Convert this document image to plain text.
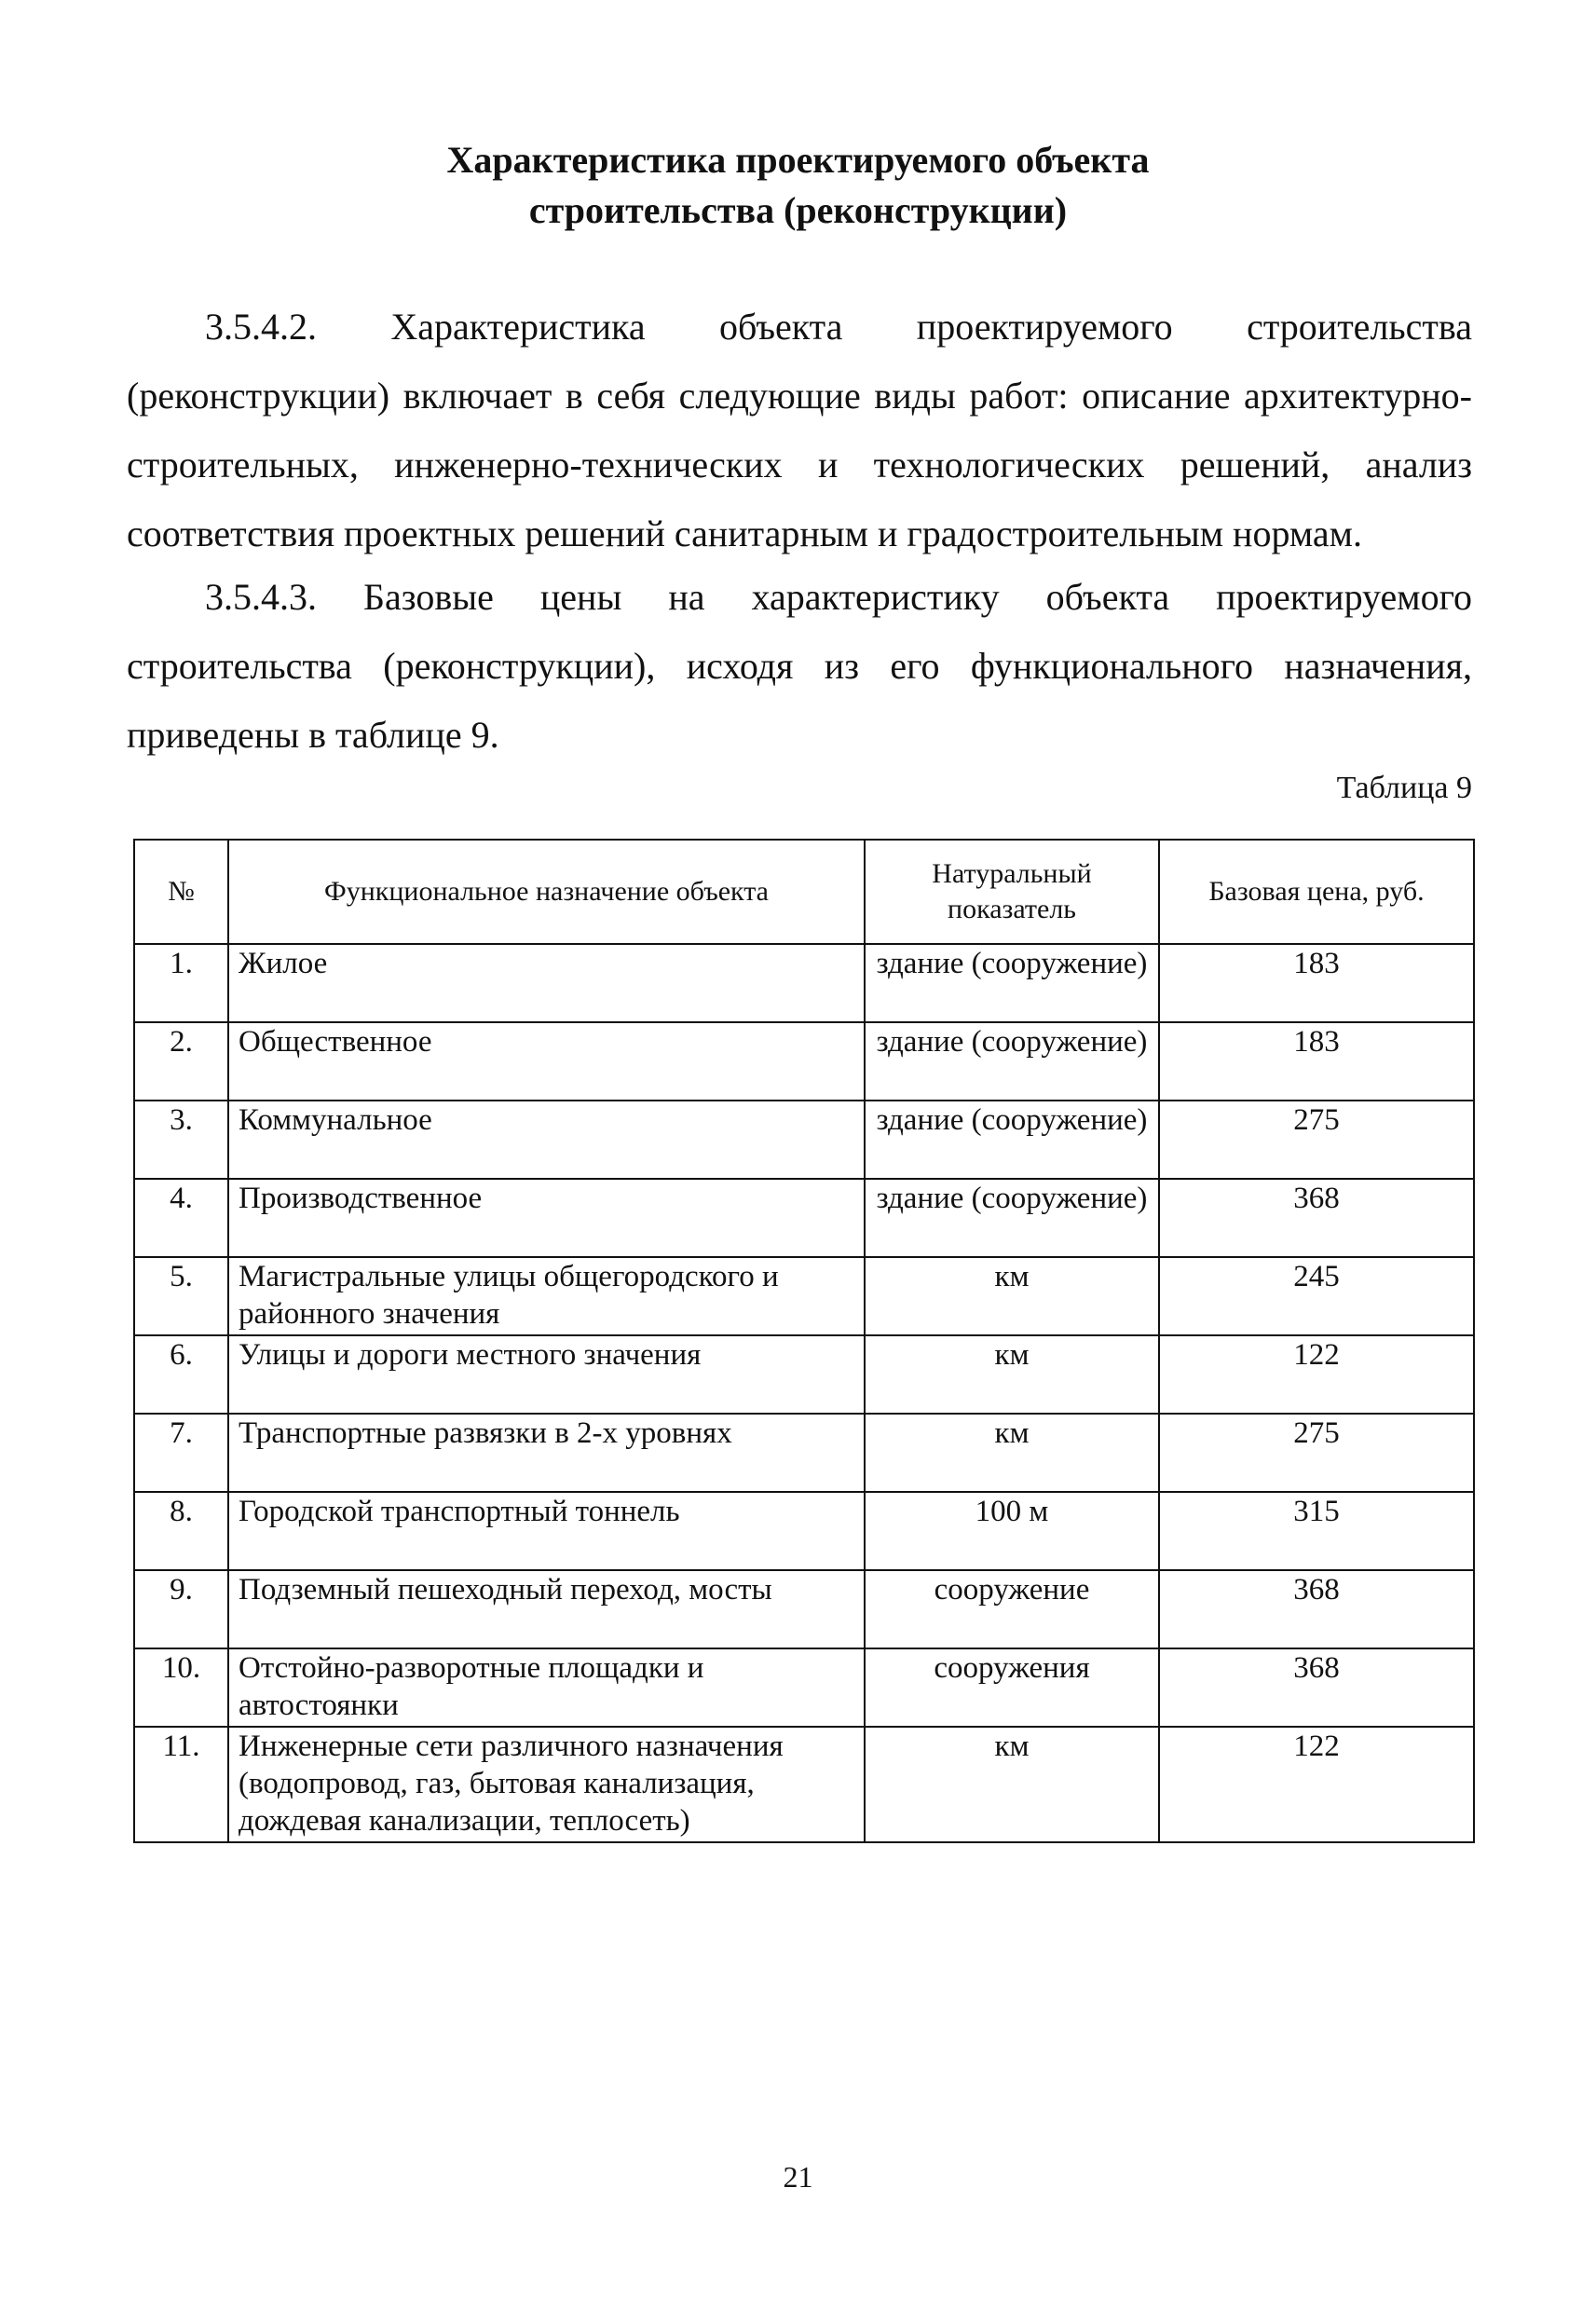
Характеристика проектируемого объекта
строительства (реконструкции)

3.5.4.2. Характеристика объекта проектируемого строительства (реконструкции) включает в себя следующие виды работ: описание архитектурно-строительных, инженерно-технических и технологических решений, анализ соответствия проектных решений санитарным и градостроительным нормам.

3.5.4.3. Базовые цены на характеристику объекта проектируемого строительства (реконструкции), исходя из его функционального назначения, приведены в таблице 9.

Таблица 9
№	Функциональное назначение объекта	Натуральный показатель	Базовая цена, руб.
1.	Жилое	здание (сооружение)	183
2.	Общественное	здание (сооружение)	183
3.	Коммунальное	здание (сооружение)	275
4.	Производственное	здание (сооружение)	368
5.	Магистральные улицы общегородского и районного значения	км	245
6.	Улицы и дороги местного значения	км	122
7.	Транспортные развязки в 2-х уровнях	км	275
8.	Городской транспортный тоннель	100 м	315
9.	Подземный пешеходный переход, мосты	сооружение	368
10.	Отстойно-разворотные площадки и автостоянки	сооружения	368
11.	Инженерные сети различного назначения (водопровод, газ, бытовая канализация, дождевая канализации, теплосеть)	км	122
21
